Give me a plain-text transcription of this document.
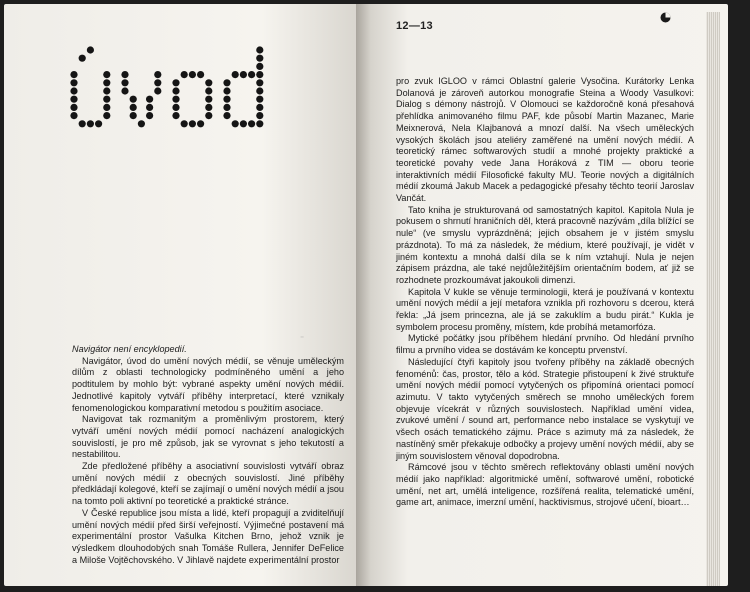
⁻

Navigátor není encyklopedií.

Navigátor, úvod do umění nových médií, se věnuje uměleckým dílům z oblasti technologicky podmíněného umění a jeho podtitulem by mohlo být: vybrané aspekty umění nových médií. Jednotlivé kapitoly vytváří příběhy interpretací, které vznikaly fenomenologickou komparativní metodou s použitím asociace.

Navigovat tak rozmanitým a proměnlivým prostorem, který vytváří umění nových médií pomocí nacházení analogických souvislostí, je pro mě způsob, jak se vyrovnat s jeho tekutostí a nestabilitou.

Zde předložené příběhy a asociativní souvislosti vytváří obraz umění nových médií z obecných souvislostí. Jiné příběhy předkládají kolegové, kteří se zajímají o umění nových médií a jsou na tomto poli aktivní po teoretické a praktické stránce.

V České republice jsou místa a lidé, kteří propagují a zviditelňují umění nových médií před širší veřejností. Výjimečné postavení má experimentální prostor Vašulka Kitchen Brno, jehož vznik je výsledkem dlouhodobých snah Tomáše Rullera, Jennifer DeFelice a Miloše Vojtěchovského. V Jihlavě najdete experimentální prostor

12—13

pro zvuk IGLOO v rámci Oblastní galerie Vysočina. Kurátorky Lenka Dolanová je zároveň autorkou monografie Steina a Woody Vasulkovi: Dialog s démony nástrojů. V Olomouci se každoročně koná přesahová přehlídka animovaného filmu PAF, kde působí Martin Mazanec, Marie Meixnerová, Nela Klajbanová a mnozí další. Na všech uměleckých vysokých školách jsou ateliéry zaměřené na umění nových médií. A teoretický rámec softwarových studií a mnohé projekty praktické a teoretické povahy vede Jana Horáková z TIM — oboru teorie interaktivních médií Filosofické fakulty MU. Teorie nových a digitálních médií zkoumá Jakub Macek a pedagogické přesahy těchto teorií Jaroslav Vančát.

Tato kniha je strukturovaná od samostatných kapitol. Kapitola Nula je pokusem o shrnutí hraničních děl, která pracovně nazývám „díla blížící se nule“ (ve smyslu vyprázdněná; jejich obsahem je v jistém smyslu prázdnota). To má za následek, že médium, které používají, je vidět v jiném kontextu a mnohá další díla se k ním vztahují. Nula je nejen zápisem prázdna, ale také nejdůležitějším orientačním bodem, ať již se rozhodnete prozkoumávat jakoukoli dimenzi.

Kapitola V kukle se věnuje terminologii, která je používaná v kontextu umění nových médií a její metafora vznikla při rozhovoru s dcerou, která řekla: „Já jsem princezna, ale já se zakuklím a budu pirát.“ Kukla je symbolem procesu proměny, místem, kde probíhá metamorfóza.

Mytické počátky jsou příběhem hledání prvního. Od hledání prvního filmu a prvního videa se dostávám ke konceptu prvenství.

Následující čtyři kapitoly jsou tvořeny příběhy na základě obecných fenoménů: čas, prostor, tělo a kód. Strategie přistoupení k živé struktuře umění nových médií pomocí vytyčených os připomíná orientaci pomocí azimutu. V takto vytyčených směrech se mnoho uměleckých forem objevuje vícekrát v různých souvislostech. Například umění videa, zvukové umění / sound art, performance nebo instalace se vyskytují ve všech osách tematického zájmu. Práce s azimuty má za následek, že nastíněný směr překakuje odbočky a projevy umění nových médií, aby se jiným souvislostem věnoval dopodrobna.

Rámcové jsou v těchto směrech reflektovány oblasti umění nových médií jako například: algoritmické umění, softwarové umění, robotické umění, net art, umělá inteligence, rozšířená realita, telematické umění, game art, animace, imerzní umění, hacktivismus, strojové učení, bioart…
